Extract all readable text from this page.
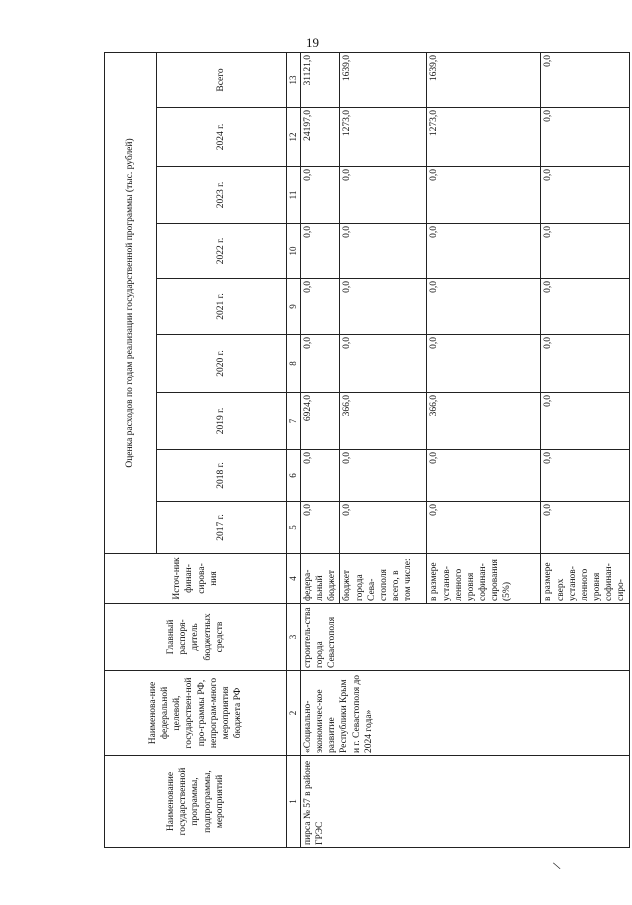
19
Наименование государственной программы, подпрограммы, мероприятий	Наименова-ние федеральной целевой, государствен-ной про-граммы РФ, непрограм-много мероприятия бюджета РФ	Главный распоря-дитель бюджетных средств	Источ-ник финан-сирова-ния	Оценка расходов по годам реализации государственной программы (тыс. рублей)								
				2017 г.	2018 г.	2019 г.	2020 г.	2021 г.	2022 г.	2023 г.	2024 г.	Всего
1	2	3	4	5	6	7	8	9	10	11	12	13
пирса № 57 в районе ГРЭС	«Социально-экономичес-кое развитие Республики Крым и г. Севастополя до 2024 года»	строитель-ства города Севастополя	федера-льный бюджет	0,0	0,0	6924,0	0,0	0,0	0,0	0,0	24197,0	31121,0
			бюджет города Сева-стополя всего, в том числе:	0,0	0,0	366,0	0,0	0,0	0,0	0,0	1273,0	1639,0
			в размере установ-ленного уровня софинан-сирования (5%)	0,0	0,0	366,0	0,0	0,0	0,0	0,0	1273,0	1639,0
			в размере сверх установ-ленного уровня софинан-сиро-	0,0	0,0	0,0	0,0	0,0	0,0	0,0	0,0	0,0
\
